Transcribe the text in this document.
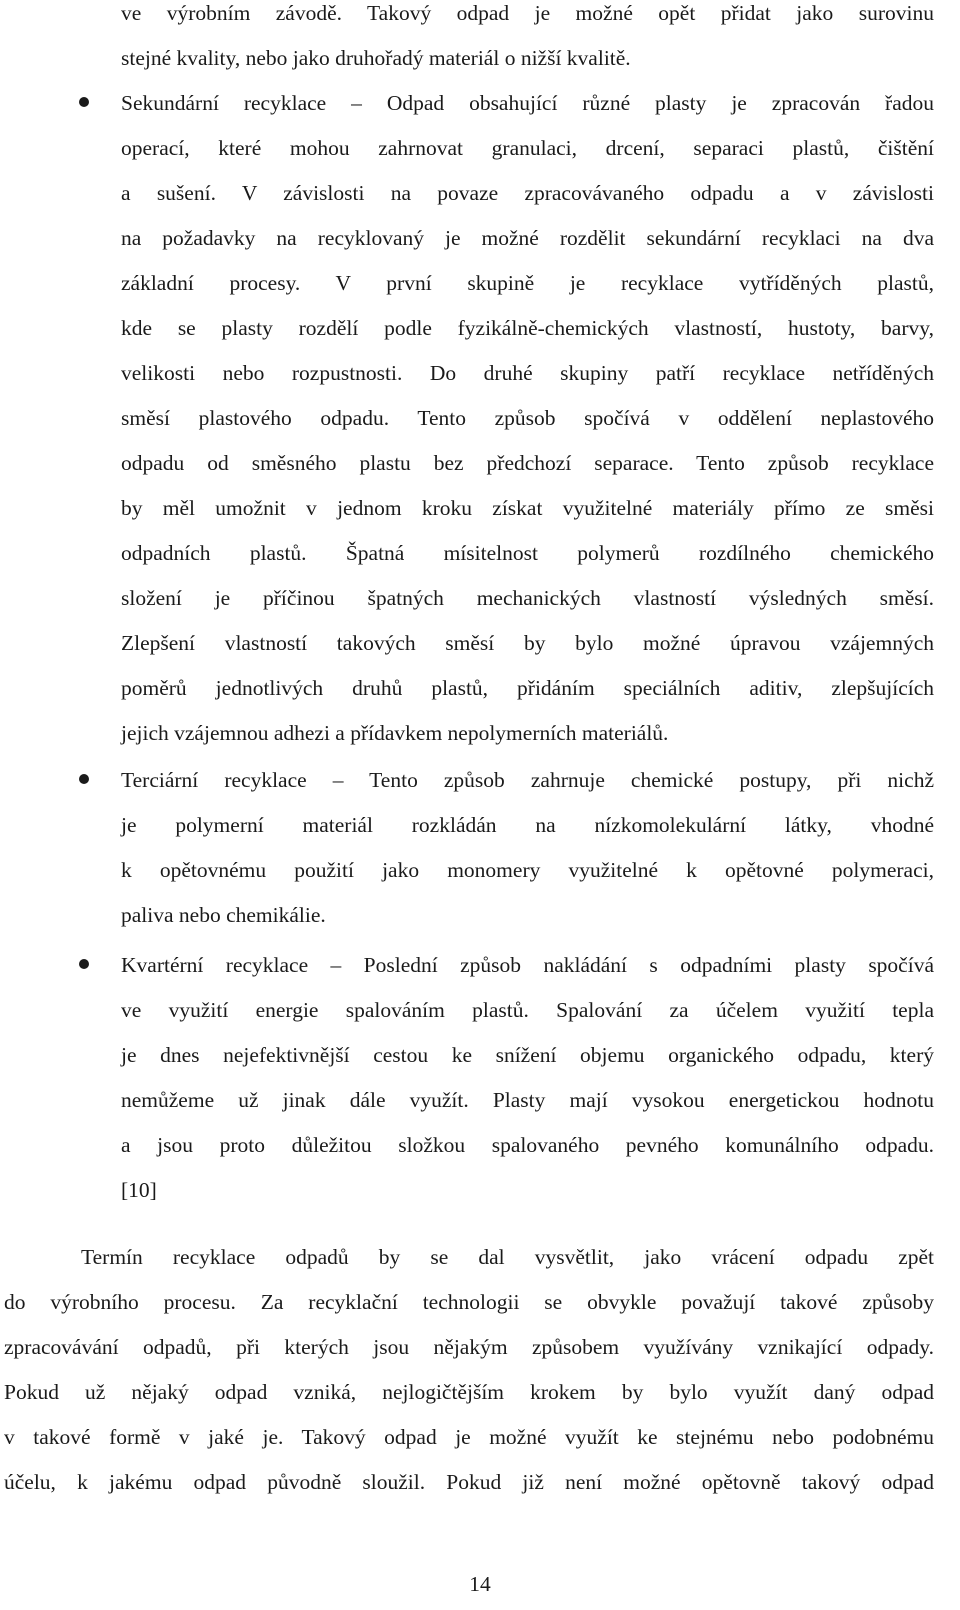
ve výrobním závodě. Takový odpad je možné opět přidat jako surovinu
stejné kvality, nebo jako druhořadý materiál o nižší kvalitě.
Sekundární recyklace – Odpad obsahující různé plasty je zpracován řadou
operací, které mohou zahrnovat granulaci, drcení, separaci plastů, čištění
a sušení. V závislosti na povaze zpracovávaného odpadu a v závislosti
na požadavky na recyklovaný je možné rozdělit sekundární recyklaci na dva
základní procesy. V první skupině je recyklace vytříděných plastů,
kde se plasty rozdělí podle fyzikálně-chemických vlastností, hustoty, barvy,
velikosti nebo rozpustnosti. Do druhé skupiny patří recyklace netříděných
směsí plastového odpadu. Tento způsob spočívá v oddělení neplastového
odpadu od směsného plastu bez předchozí separace. Tento způsob recyklace
by měl umožnit v jednom kroku získat využitelné materiály přímo ze směsi
odpadních plastů. Špatná mísitelnost polymerů rozdílného chemického
složení je příčinou špatných mechanických vlastností výsledných směsí.
Zlepšení vlastností takových směsí by bylo možné úpravou vzájemných
poměrů jednotlivých druhů plastů, přidáním speciálních aditiv, zlepšujících
jejich vzájemnou adhezi a přídavkem nepolymerních materiálů.
Terciární recyklace – Tento způsob zahrnuje chemické postupy, při nichž
je polymerní materiál rozkládán na nízkomolekulární látky, vhodné
k opětovnému použití jako monomery využitelné k opětovné polymeraci,
paliva nebo chemikálie.
Kvartérní recyklace – Poslední způsob nakládání s odpadními plasty spočívá
ve využití energie spalováním plastů. Spalování za účelem využití tepla
je dnes nejefektivnější cestou ke snížení objemu organického odpadu, který
nemůžeme už jinak dále využít. Plasty mají vysokou energetickou hodnotu
a jsou proto důležitou složkou spalovaného pevného komunálního odpadu.
[10]
Termín recyklace odpadů by se dal vysvětlit, jako vrácení odpadu zpět
do výrobního procesu. Za recyklační technologii se obvykle považují takové způsoby
zpracovávání odpadů, při kterých jsou nějakým způsobem využívány vznikající odpady.
Pokud už nějaký odpad vzniká, nejlogičtějším krokem by bylo využít daný odpad
v takové formě v jaké je. Takový odpad je možné využít ke stejnému nebo podobnému
účelu, k jakému odpad původně sloužil. Pokud již není možné opětovně takový odpad
14
